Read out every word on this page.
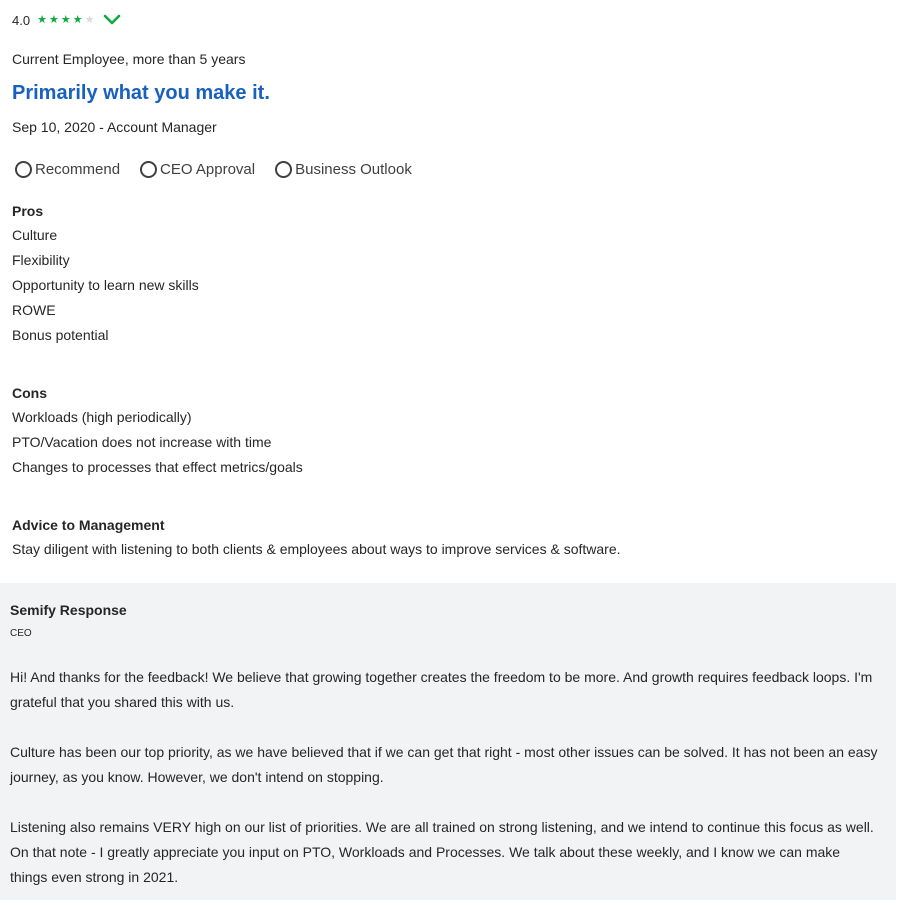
4.0 ★ ★ ★ ★ ★
Current Employee, more than 5 years
Primarily what you make it.
Sep 10, 2020 - Account Manager
Recommend	CEO Approval	Business Outlook
Pros
Culture
Flexibility
Opportunity to learn new skills
ROWE
Bonus potential
Cons
Workloads (high periodically)
PTO/Vacation does not increase with time
Changes to processes that effect metrics/goals
Advice to Management
Stay diligent with listening to both clients & employees about ways to improve services & software.
Semify Response
CEO
Hi! And thanks for the feedback! We believe that growing together creates the freedom to be more. And growth requires feedback loops. I'm grateful that you shared this with us.
Culture has been our top priority, as we have believed that if we can get that right - most other issues can be solved. It has not been an easy journey, as you know. However, we don't intend on stopping.
Listening also remains VERY high on our list of priorities. We are all trained on strong listening, and we intend to continue this focus as well. On that note - I greatly appreciate you input on PTO, Workloads and Processes. We talk about these weekly, and I know we can make things even strong in 2021.
